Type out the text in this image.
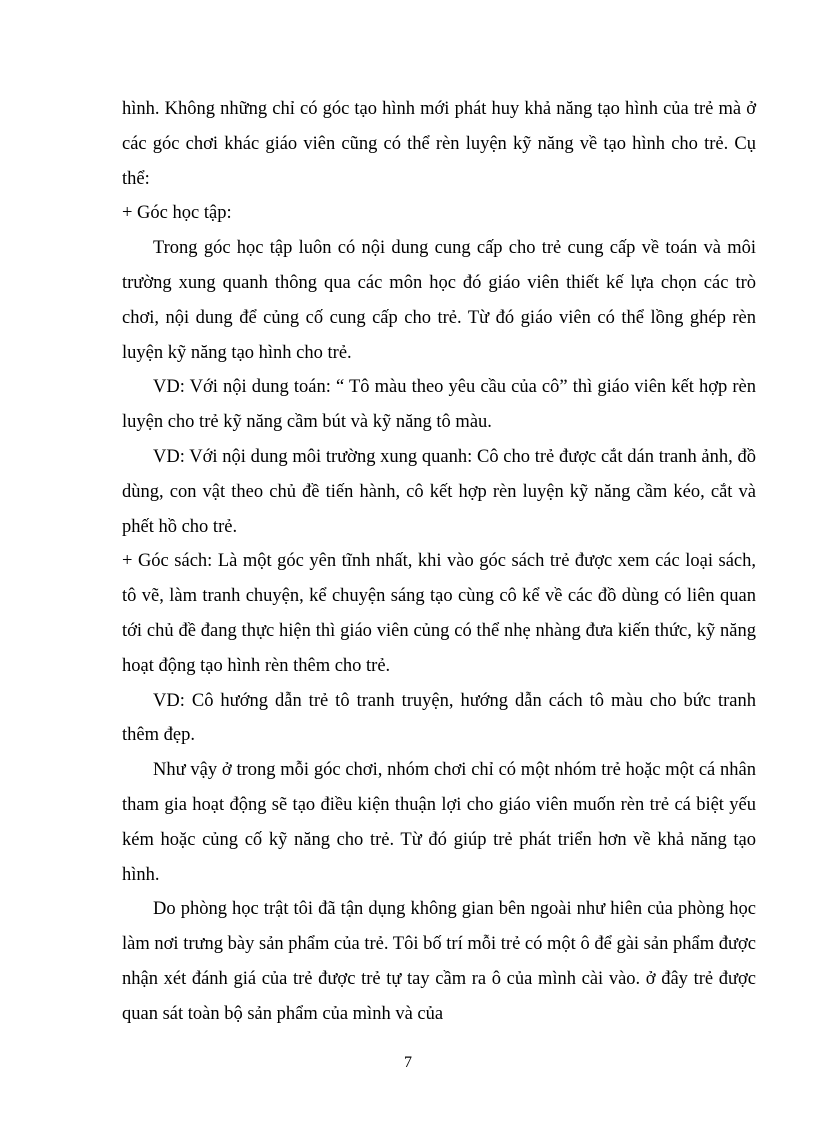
hình. Không những chỉ có góc tạo hình mới phát huy khả năng tạo hình của trẻ mà ở các góc chơi khác giáo viên cũng có thể rèn luyện kỹ năng về tạo hình cho trẻ. Cụ thể:

+ Góc học tập:

Trong góc học tập luôn có nội dung cung cấp cho trẻ cung cấp về toán và môi trường xung quanh thông qua các môn học đó giáo viên thiết kế lựa chọn các trò chơi, nội dung để củng cố cung cấp cho trẻ. Từ đó giáo viên có thể lồng ghép rèn luyện kỹ năng tạo hình cho trẻ.

VD: Với nội dung toán: “ Tô màu theo yêu cầu của cô” thì giáo viên kết hợp rèn luyện cho trẻ kỹ năng cầm bút và kỹ năng tô màu.

VD: Với nội dung môi trường xung quanh: Cô cho trẻ được cắt dán tranh ảnh, đồ dùng, con vật theo chủ đề tiến hành, cô kết hợp rèn luyện kỹ năng cầm kéo, cắt và phết hồ cho trẻ.

+ Góc sách: Là một góc yên tĩnh nhất, khi vào góc sách trẻ được xem các loại sách, tô vẽ, làm tranh chuyện, kể chuyện sáng tạo cùng cô kể về các đồ dùng có liên quan tới chủ đề đang thực hiện thì giáo viên củng có thể nhẹ nhàng đưa kiến thức, kỹ năng hoạt động tạo hình rèn thêm cho trẻ.

VD: Cô hướng dẫn trẻ tô tranh truyện, hướng dẫn cách tô màu cho bức tranh thêm đẹp.

Như vậy ở trong mỗi góc chơi, nhóm chơi chỉ có một nhóm trẻ hoặc một cá nhân tham gia hoạt động sẽ tạo điều kiện thuận lợi cho giáo viên muốn rèn trẻ cá biệt yếu kém hoặc củng cố kỹ năng cho trẻ. Từ đó giúp trẻ phát triển hơn về khả năng tạo hình.

Do phòng học trật tôi đã tận dụng không gian bên ngoài như hiên của phòng học làm nơi trưng bày sản phẩm của trẻ. Tôi bố trí mỗi trẻ có một ô để gài sản phẩm được nhận xét đánh giá của trẻ được trẻ tự tay cầm ra ô của mình cài vào. ở đây trẻ được quan sát toàn bộ sản phẩm của mình và của

7
